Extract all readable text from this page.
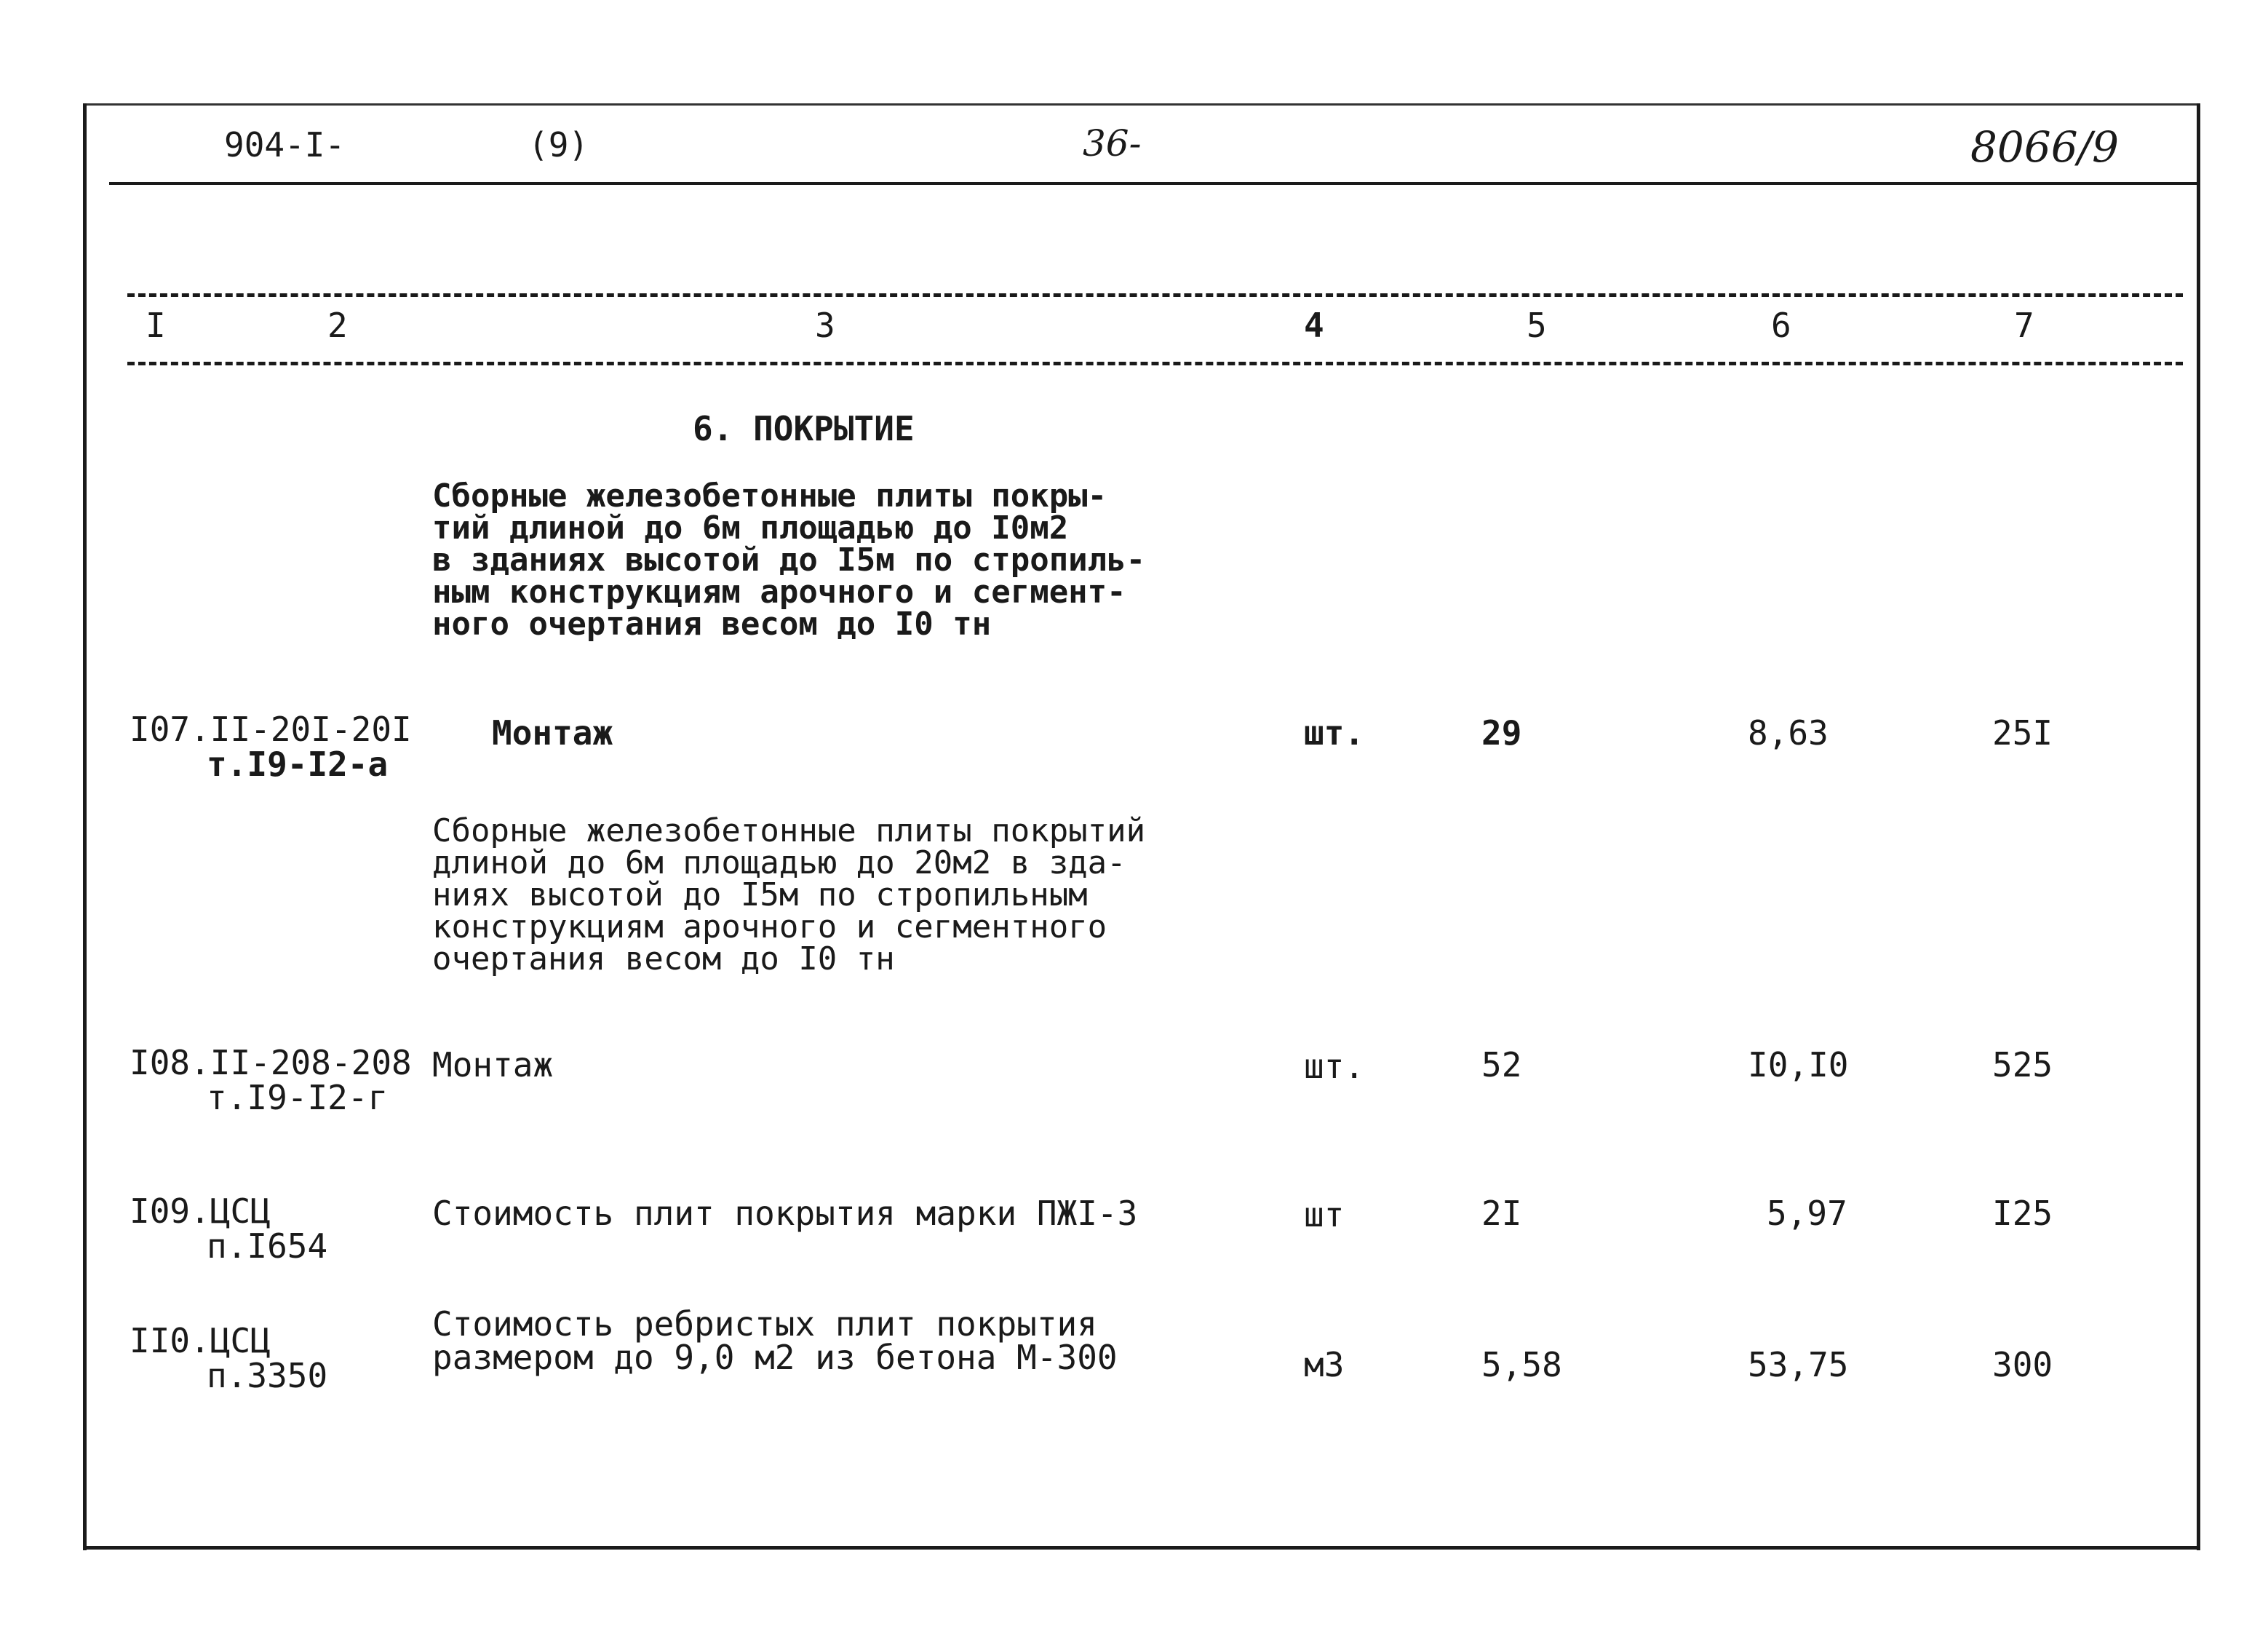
904-I-	(9)	36-	8066/9
I	2	3	4	5	6	7
6. ПОКРЫТИЕ
Сборные железобетонные плиты покры-
тий длиной до 6м площадью до I0м2
в зданиях высотой до I5м по стропиль-
ным конструкциям арочного и сегмент-
ного очертания весом до I0 тн
I07.II-20I-20I
т.I9-I2-а
Монтаж	шт.	29	8,63	25I
Сборные железобетонные плиты покрытий
длиной до 6м площадью до 20м2 в зда-
ниях высотой до I5м по стропильным
конструкциям арочного и сегментного
очертания весом до I0 тн
I08.II-208-208
т.I9-I2-г
Монтаж	шт.	52	I0,I0	525
I09.ЦСЦ
п.I654
Стоимость плит покрытия марки ПЖI-3	шт	2I	5,97	I25
II0.ЦСЦ
п.3350
Стоимость ребристых плит покрытия
размером до 9,0 м2 из бетона М-300	м3	5,58	53,75	300
